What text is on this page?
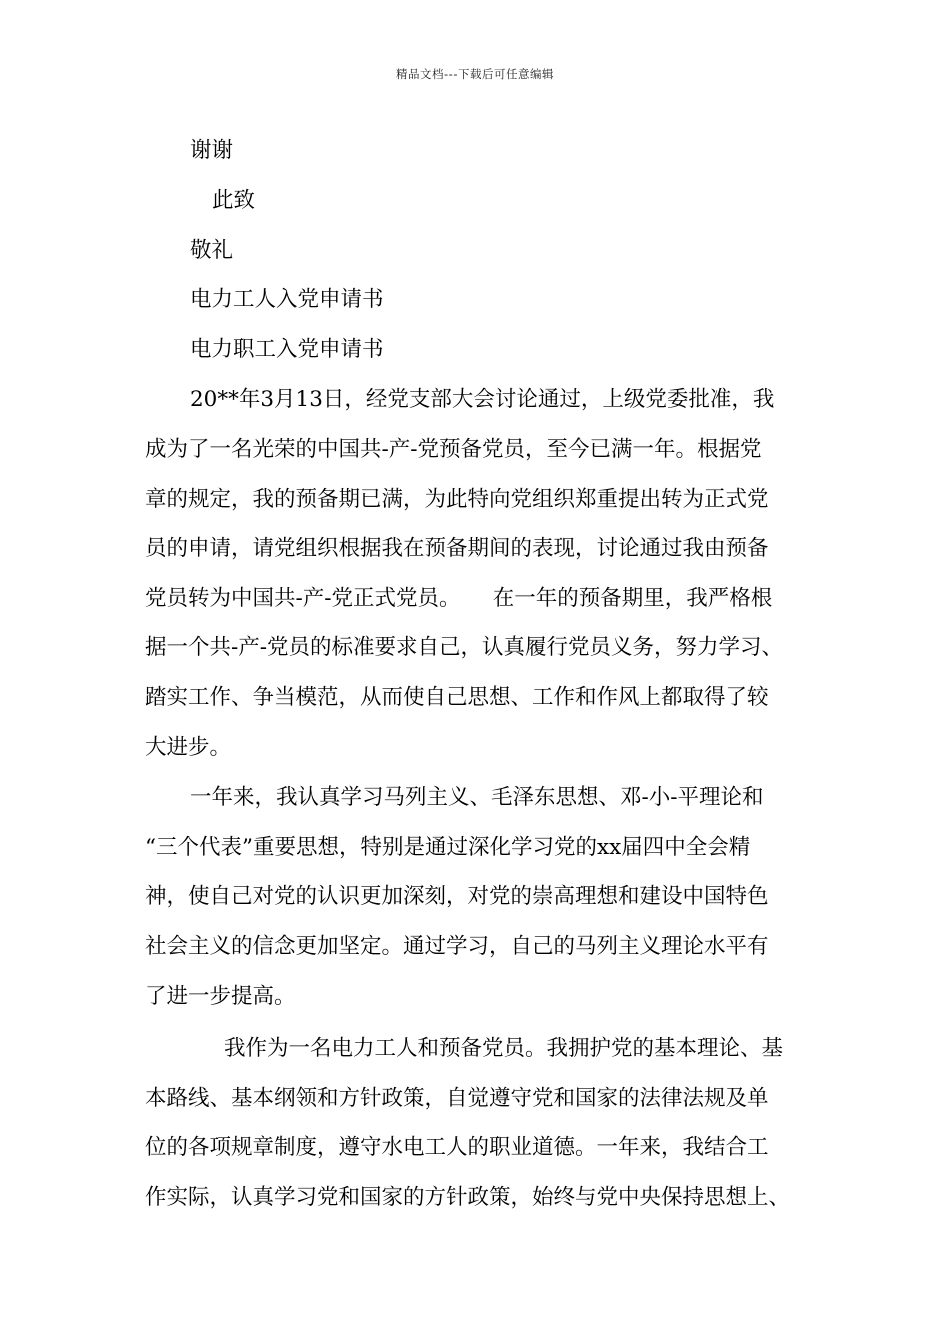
精品文档---下载后可任意编辑
谢谢
此致
敬礼
电力工人入党申请书
电力职工入党申请书
20**年3月13日，经党支部大会讨论通过，上级党委批准，我
成为了一名光荣的中国共-产-党预备党员，至今已满一年。根据党
章的规定，我的预备期已满，为此特向党组织郑重提出转为正式党
员的申请，请党组织根据我在预备期间的表现，讨论通过我由预备
党员转为中国共-产-党正式党员。　　在一年的预备期里，我严格根
据一个共-产-党员的标准要求自己，认真履行党员义务，努力学习、
踏实工作、争当模范，从而使自己思想、工作和作风上都取得了较
大进步。
一年来，我认真学习马列主义、毛泽东思想、邓-小-平理论和
“三个代表”重要思想，特别是通过深化学习党的xx届四中全会精
神，使自己对党的认识更加深刻，对党的崇高理想和建设中国特色
社会主义的信念更加坚定。通过学习，自己的马列主义理论水平有
了进一步提高。
我作为一名电力工人和预备党员。我拥护党的基本理论、基
本路线、基本纲领和方针政策，自觉遵守党和国家的法律法规及单
位的各项规章制度，遵守水电工人的职业道德。一年来，我结合工
作实际，认真学习党和国家的方针政策，始终与党中央保持思想上、
